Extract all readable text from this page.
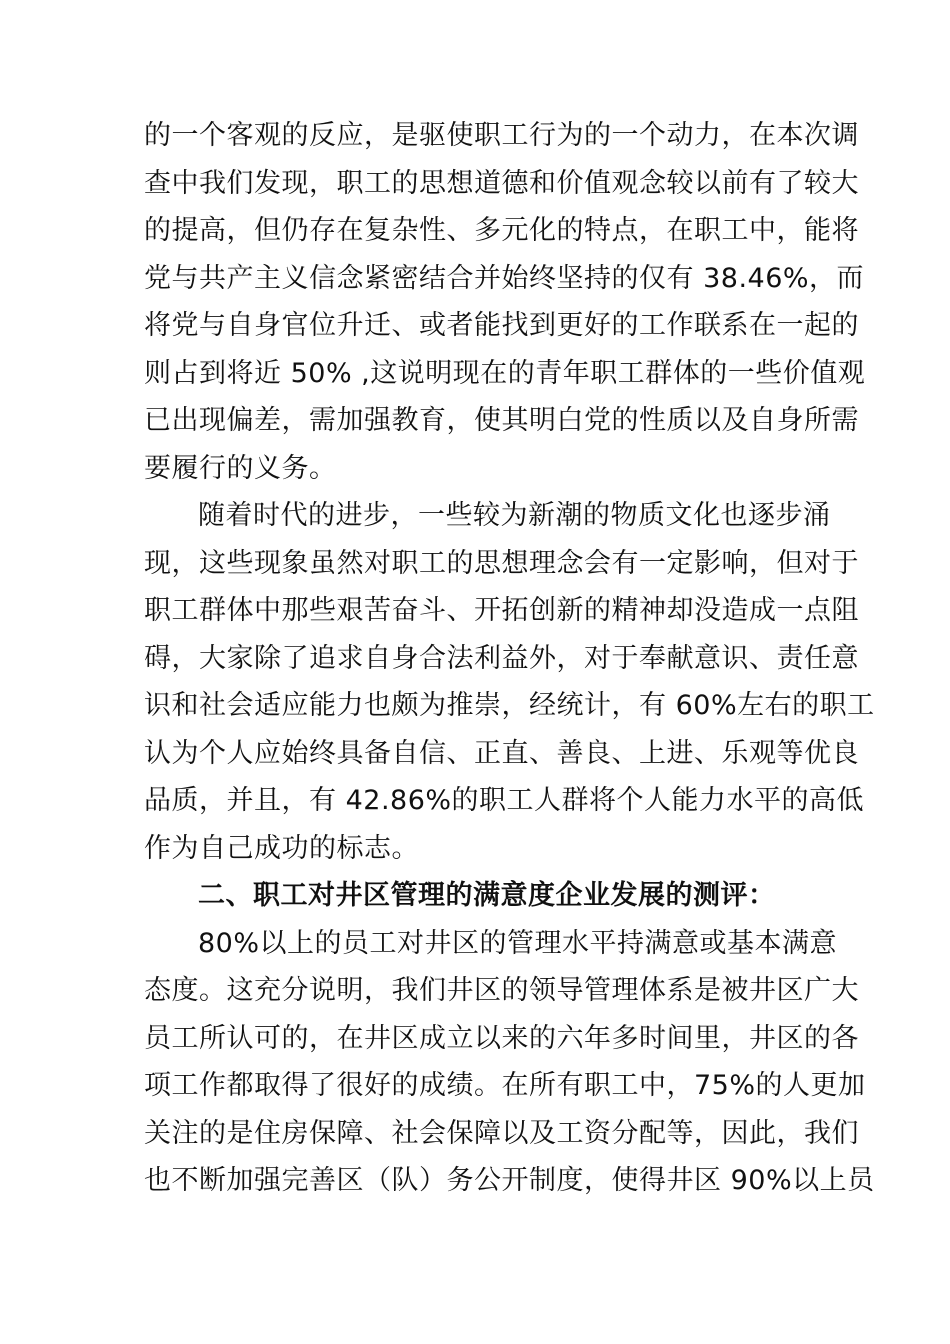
的一个客观的反应，是驱使职工行为的一个动力，在本次调
查中我们发现，职工的思想道德和价值观念较以前有了较大
的提高，但仍存在复杂性、多元化的特点，在职工中，能将
党与共产主义信念紧密结合并始终坚持的仅有 38.46%，而
将党与自身官位升迁、或者能找到更好的工作联系在一起的
则占到将近 50% ,这说明现在的青年职工群体的一些价值观
已出现偏差，需加强教育，使其明白党的性质以及自身所需
要履行的义务。
随着时代的进步，一些较为新潮的物质文化也逐步涌
现，这些现象虽然对职工的思想理念会有一定影响，但对于
职工群体中那些艰苦奋斗、开拓创新的精神却没造成一点阻
碍，大家除了追求自身合法利益外，对于奉献意识、责任意
识和社会适应能力也颇为推崇，经统计，有 60%左右的职工
认为个人应始终具备自信、正直、善良、上进、乐观等优良
品质，并且，有 42.86%的职工人群将个人能力水平的高低
作为自己成功的标志。
二、职工对井区管理的满意度企业发展的测评：
80%以上的员工对井区的管理水平持满意或基本满意
态度。这充分说明，我们井区的领导管理体系是被井区广大
员工所认可的，在井区成立以来的六年多时间里，井区的各
项工作都取得了很好的成绩。在所有职工中，75%的人更加
关注的是住房保障、社会保障以及工资分配等，因此，我们
也不断加强完善区（队）务公开制度，使得井区 90%以上员
